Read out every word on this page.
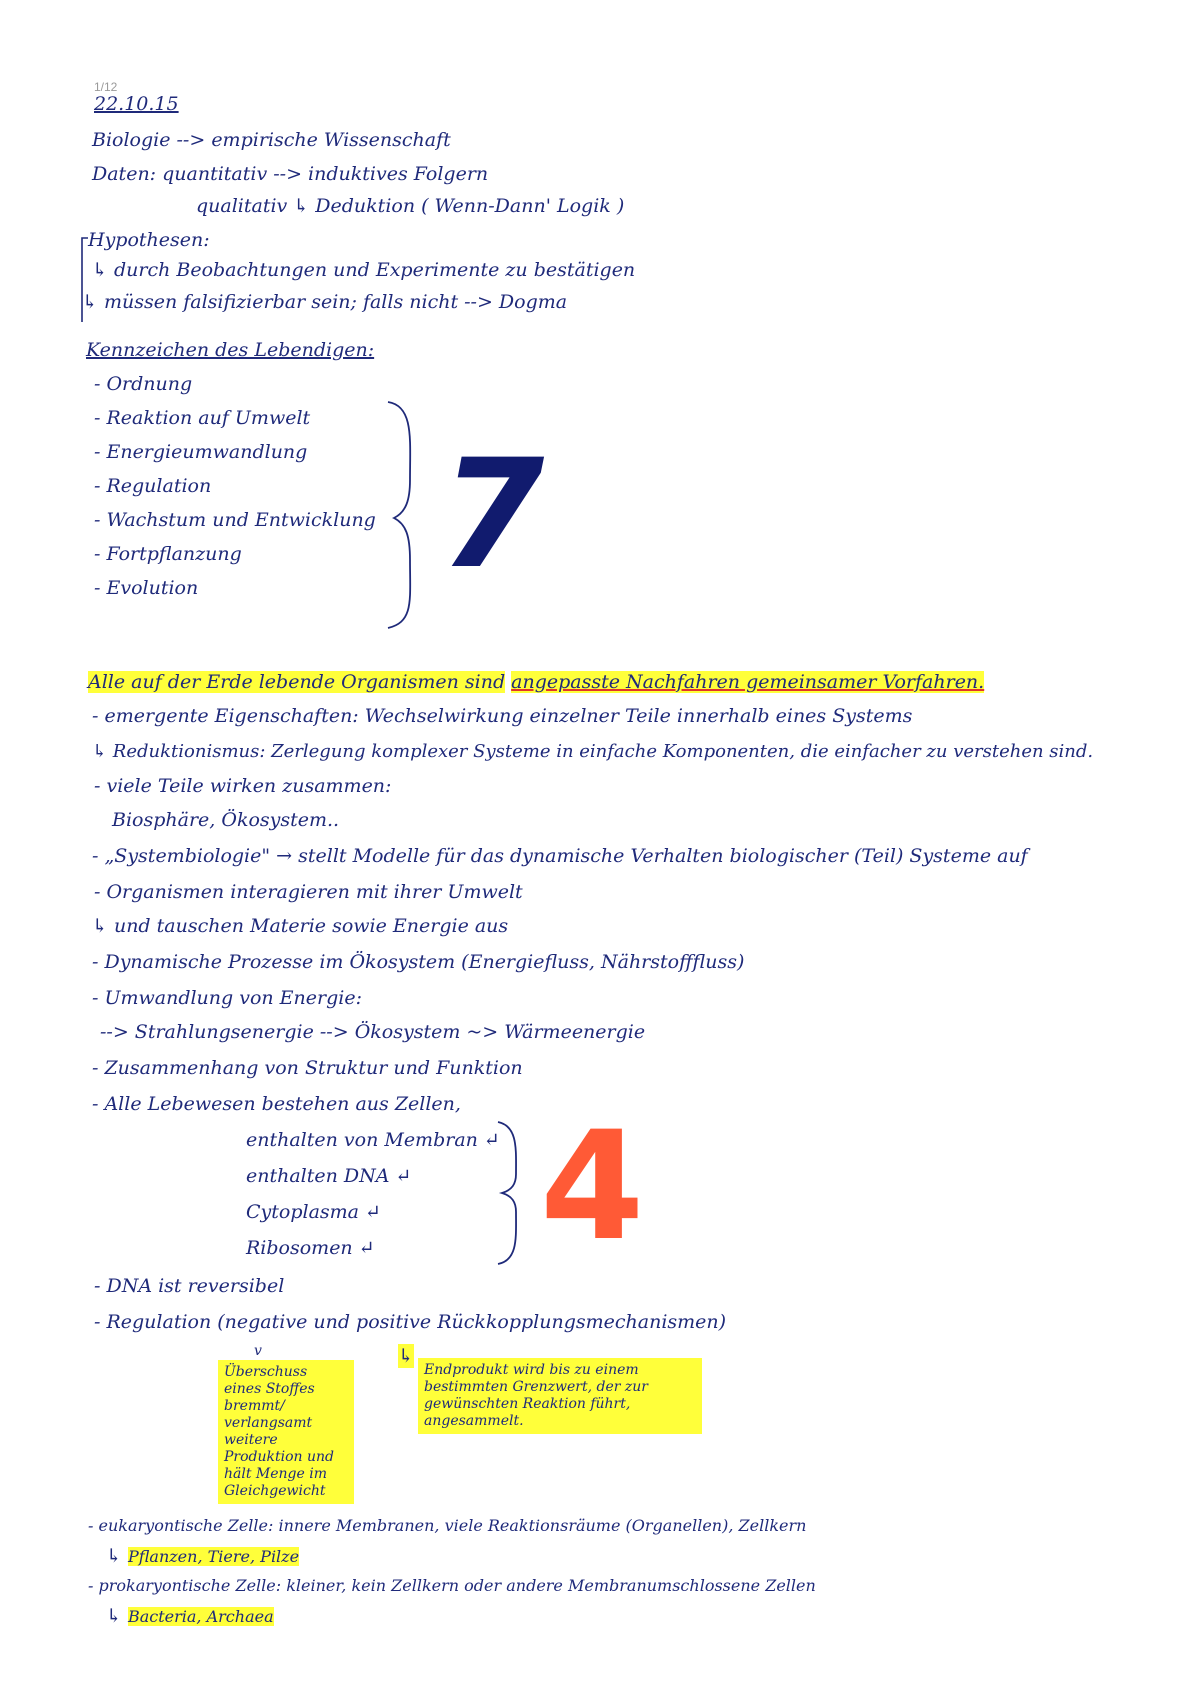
1/12
22.10.15
Biologie --> empirische Wissenschaft
Daten: quantitativ --> induktives Folgern
qualitativ ↳ Deduktion ( Wenn-Dann' Logik )
Hypothesen:
↳ durch Beobachtungen und Experimente zu bestätigen
↳ müssen falsifizierbar sein; falls nicht --> Dogma
Kennzeichen des Lebendigen:
- Ordnung
- Reaktion auf Umwelt
- Energieumwandlung
- Regulation
- Wachstum und Entwicklung
- Fortpflanzung
- Evolution 7
Alle auf der Erde lebende Organismen sind angepasste Nachfahren gemeinsamer Vorfahren.
- emergente Eigenschaften: Wechselwirkung einzelner Teile innerhalb eines Systems
↳ Reduktionismus: Zerlegung komplexer Systeme in einfache Komponenten, die einfacher zu verstehen sind.
- viele Teile wirken zusammen:
Biosphäre, Ökosystem..
- „Systembiologie" → stellt Modelle für das dynamische Verhalten biologischer (Teil) Systeme auf
- Organismen interagieren mit ihrer Umwelt
↳ und tauschen Materie sowie Energie aus
- Dynamische Prozesse im Ökosystem (Energiefluss, Nährstofffluss)
- Umwandlung von Energie:
--> Strahlungsenergie --> Ökosystem ~> Wärmeenergie
- Zusammenhang von Struktur und Funktion
- Alle Lebewesen bestehen aus Zellen,
enthalten von Membran ↵
enthalten DNA ↵
Cytoplasma ↵
Ribosomen ↵ 4
- DNA ist reversibel
- Regulation (negative und positive Rückkopplungsmechanismen)
v
Überschuss eines Stoffes bremmt/ verlangsamt weitere Produktion und hält Menge im Gleichgewicht
↳
Endprodukt wird bis zu einem bestimmten Grenzwert, der zur gewünschten Reaktion führt, angesammelt.
- eukaryontische Zelle: innere Membranen, viele Reaktionsräume (Organellen), Zellkern
↳ Pflanzen, Tiere, Pilze
- prokaryontische Zelle: kleiner, kein Zellkern oder andere Membranumschlossene Zellen
↳ Bacteria, Archaea
